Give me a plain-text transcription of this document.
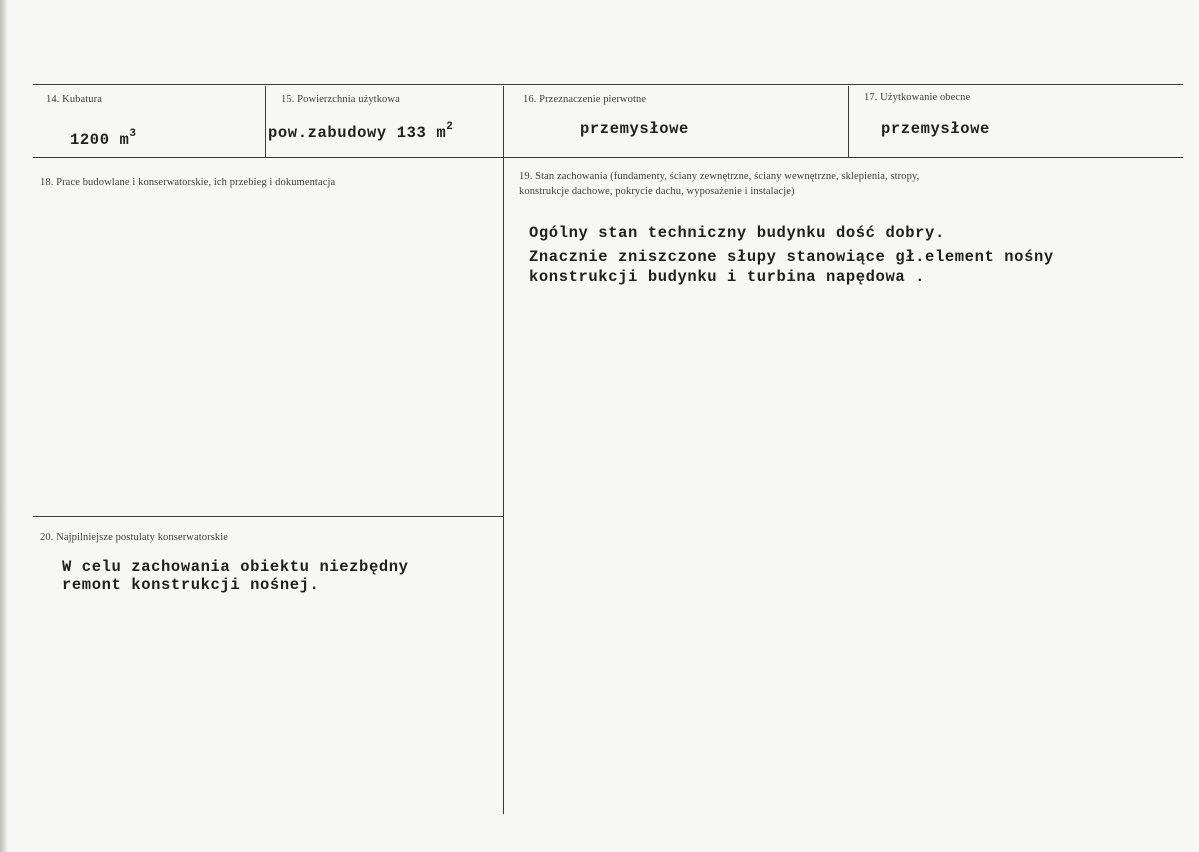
14. Kubatura
1200 $m^3$
15. Powierzchnia użytkowa
pow.zabudowy 133 $m^2$
16. Przeznaczenie pierwotne
przemysłowe
17. Użytkowanie obecne
przemysłowe
18. Prace budowlane i konserwatorskie, ich przebieg i dokumentacja
19. Stan zachowania (fundamenty, ściany zewnętrzne, ściany wewnętrzne, sklepienia, stropy,
konstrukcje dachowe, pokrycie dachu, wyposażenie i instalacje)
Ogólny stan techniczny budynku dość dobry.
Znacznie zniszczone słupy stanowiące gł.element nośny
konstrukcji budynku i turbina napędowa .
20. Najpilniejsze postulaty konserwatorskie
W celu zachowania obiektu niezbędny
remont konstrukcji nośnej.
